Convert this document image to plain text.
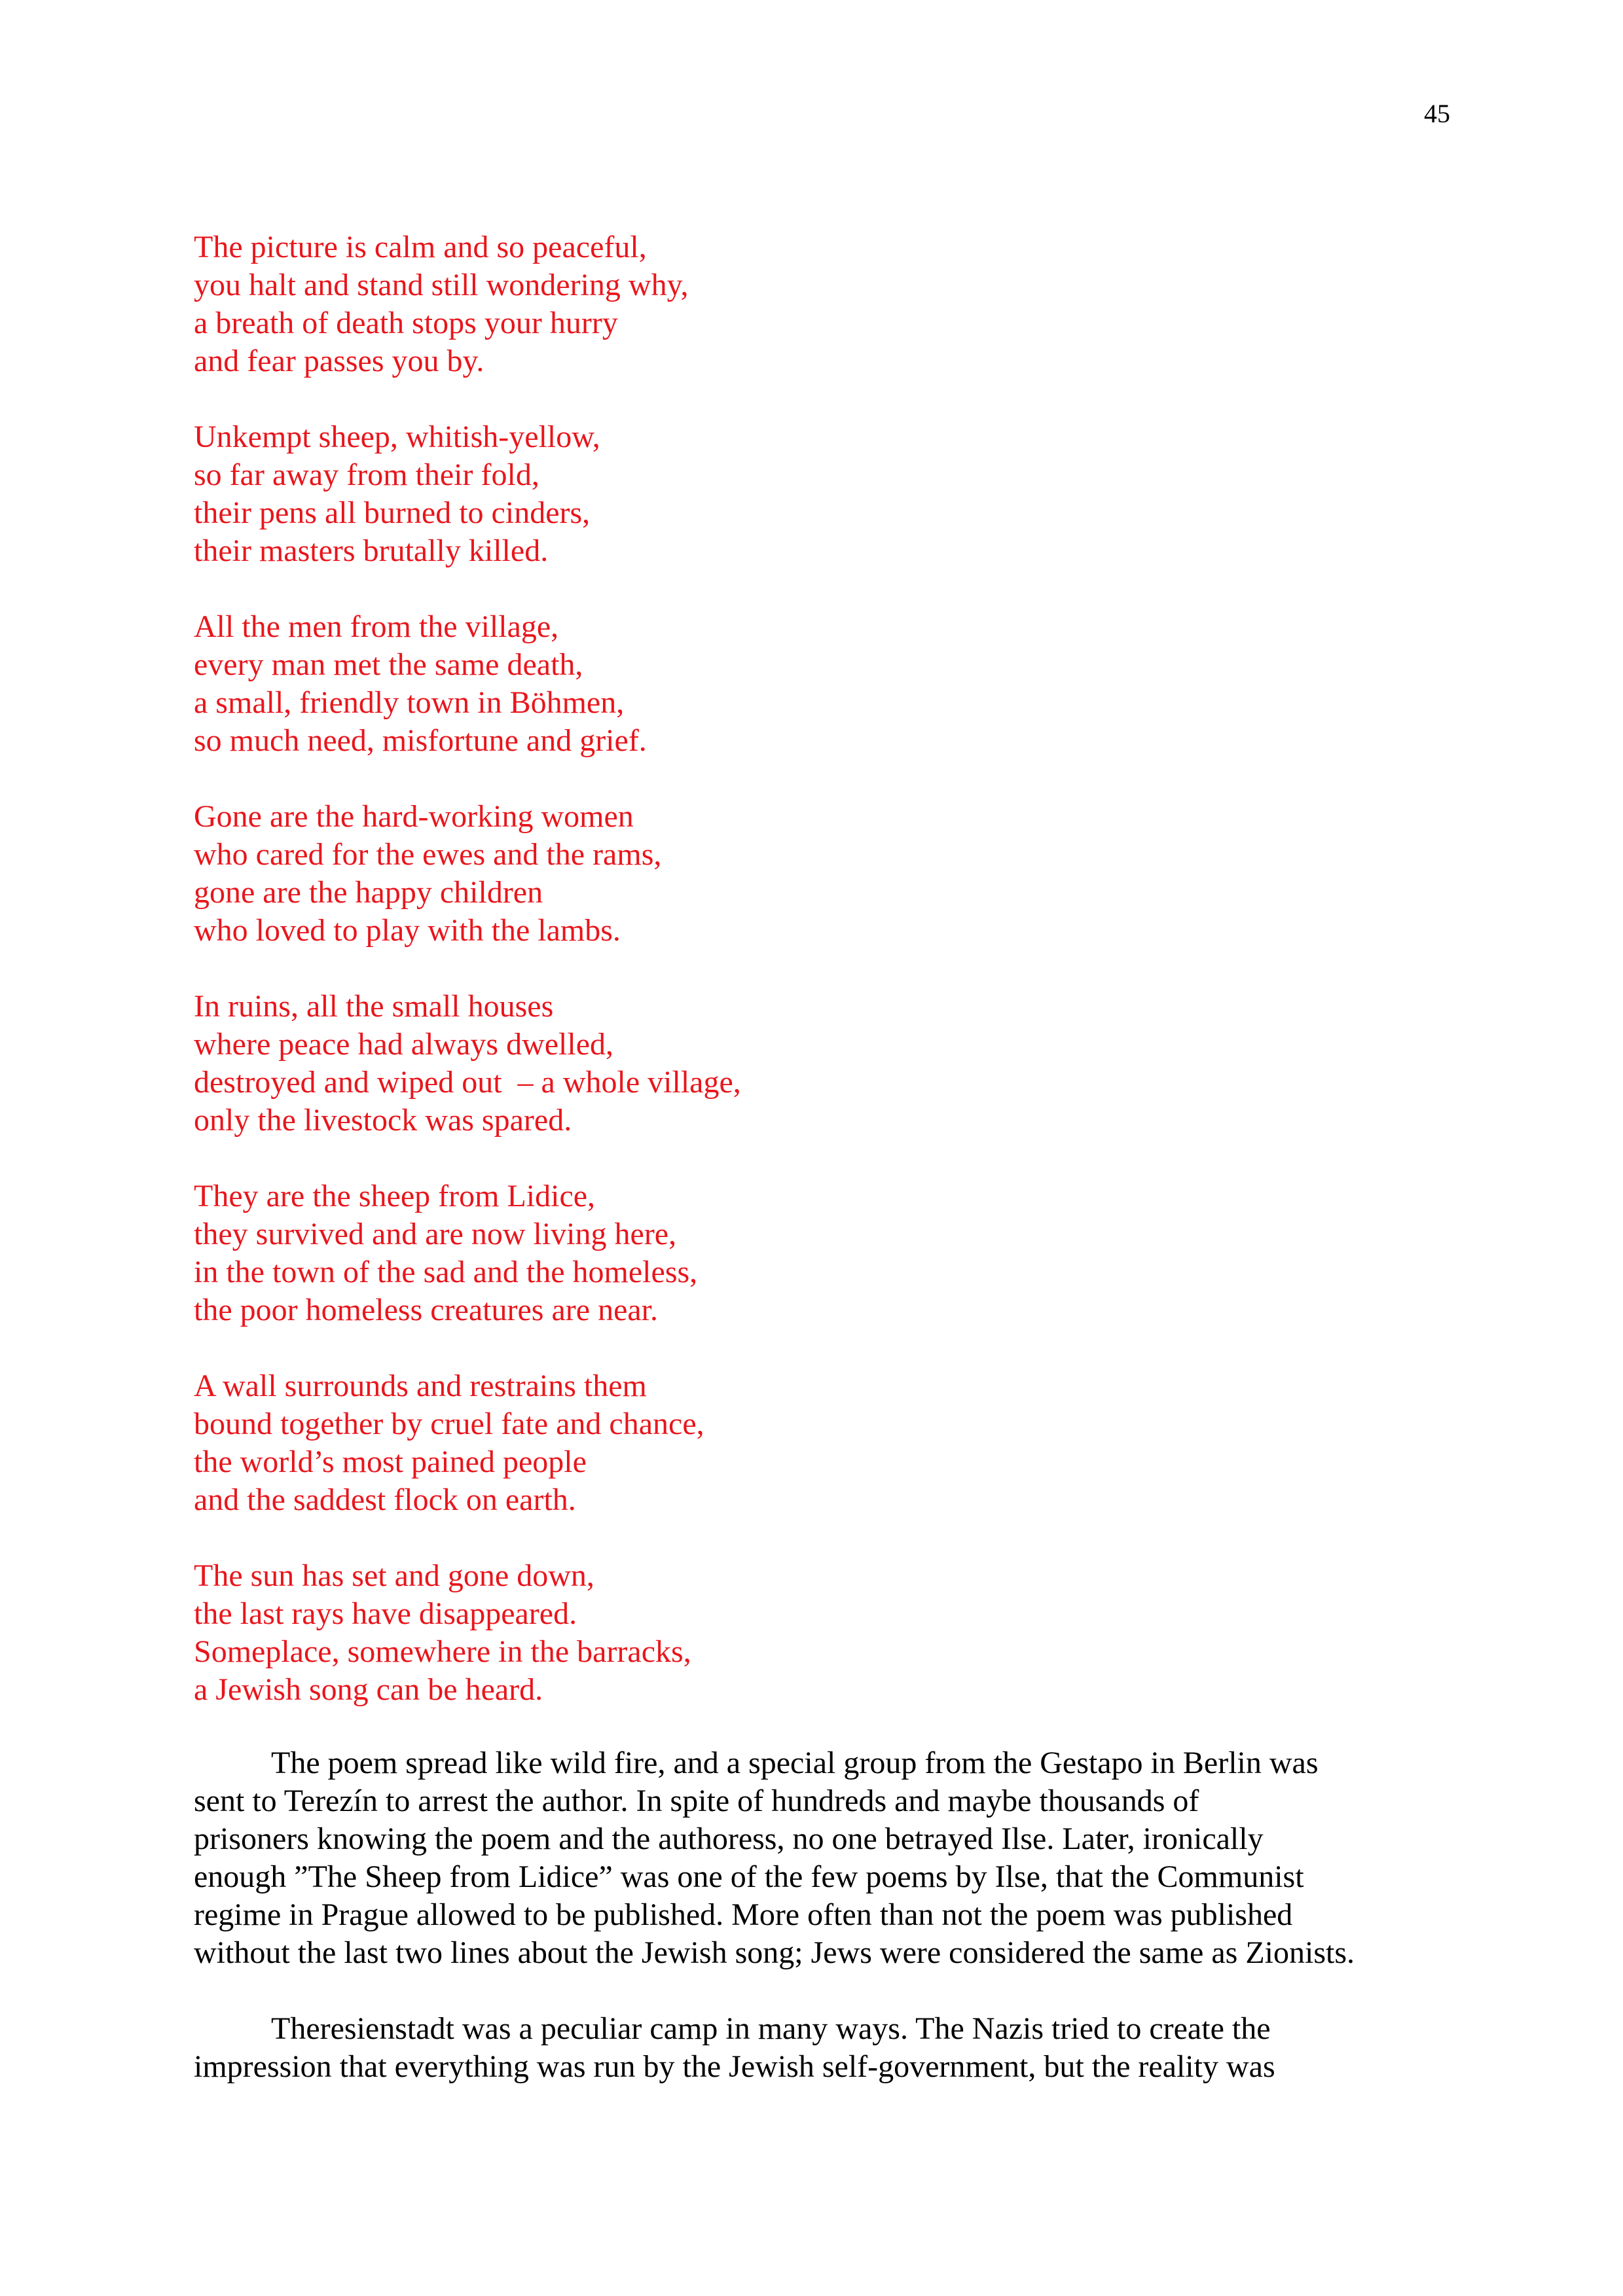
45
The picture is calm and so peaceful,
you halt and stand still wondering why,
a breath of death stops your hurry
and fear passes you by.
Unkempt sheep, whitish-yellow,
so far away from their fold,
their pens all burned to cinders,
their masters brutally killed.
All the men from the village,
every man met the same death,
a small, friendly town in Böhmen,
so much need, misfortune and grief.
Gone are the hard-working women
who cared for the ewes and the rams,
gone are the happy children
who loved to play with the lambs.
In ruins, all the small houses
where peace had always dwelled,
destroyed and wiped out  – a whole village,
only the livestock was spared.
They are the sheep from Lidice,
they survived and are now living here,
in the town of the sad and the homeless,
the poor homeless creatures are near.
A wall surrounds and restrains them
bound together by cruel fate and chance,
the world’s most pained people
and the saddest flock on earth.
The sun has set and gone down,
the last rays have disappeared.
Someplace, somewhere in the barracks,
a Jewish song can be heard.
The poem spread like wild fire, and a special group from the Gestapo in Berlin was
sent to Terezín to arrest the author. In spite of hundreds and maybe thousands of
prisoners knowing the poem and the authoress, no one betrayed Ilse. Later, ironically
enough ”The Sheep from Lidice” was one of the few poems by Ilse, that the Communist
regime in Prague allowed to be published. More often than not the poem was published
without the last two lines about the Jewish song; Jews were considered the same as Zionists.
Theresienstadt was a peculiar camp in many ways. The Nazis tried to create the
impression that everything was run by the Jewish self-government, but the reality was
